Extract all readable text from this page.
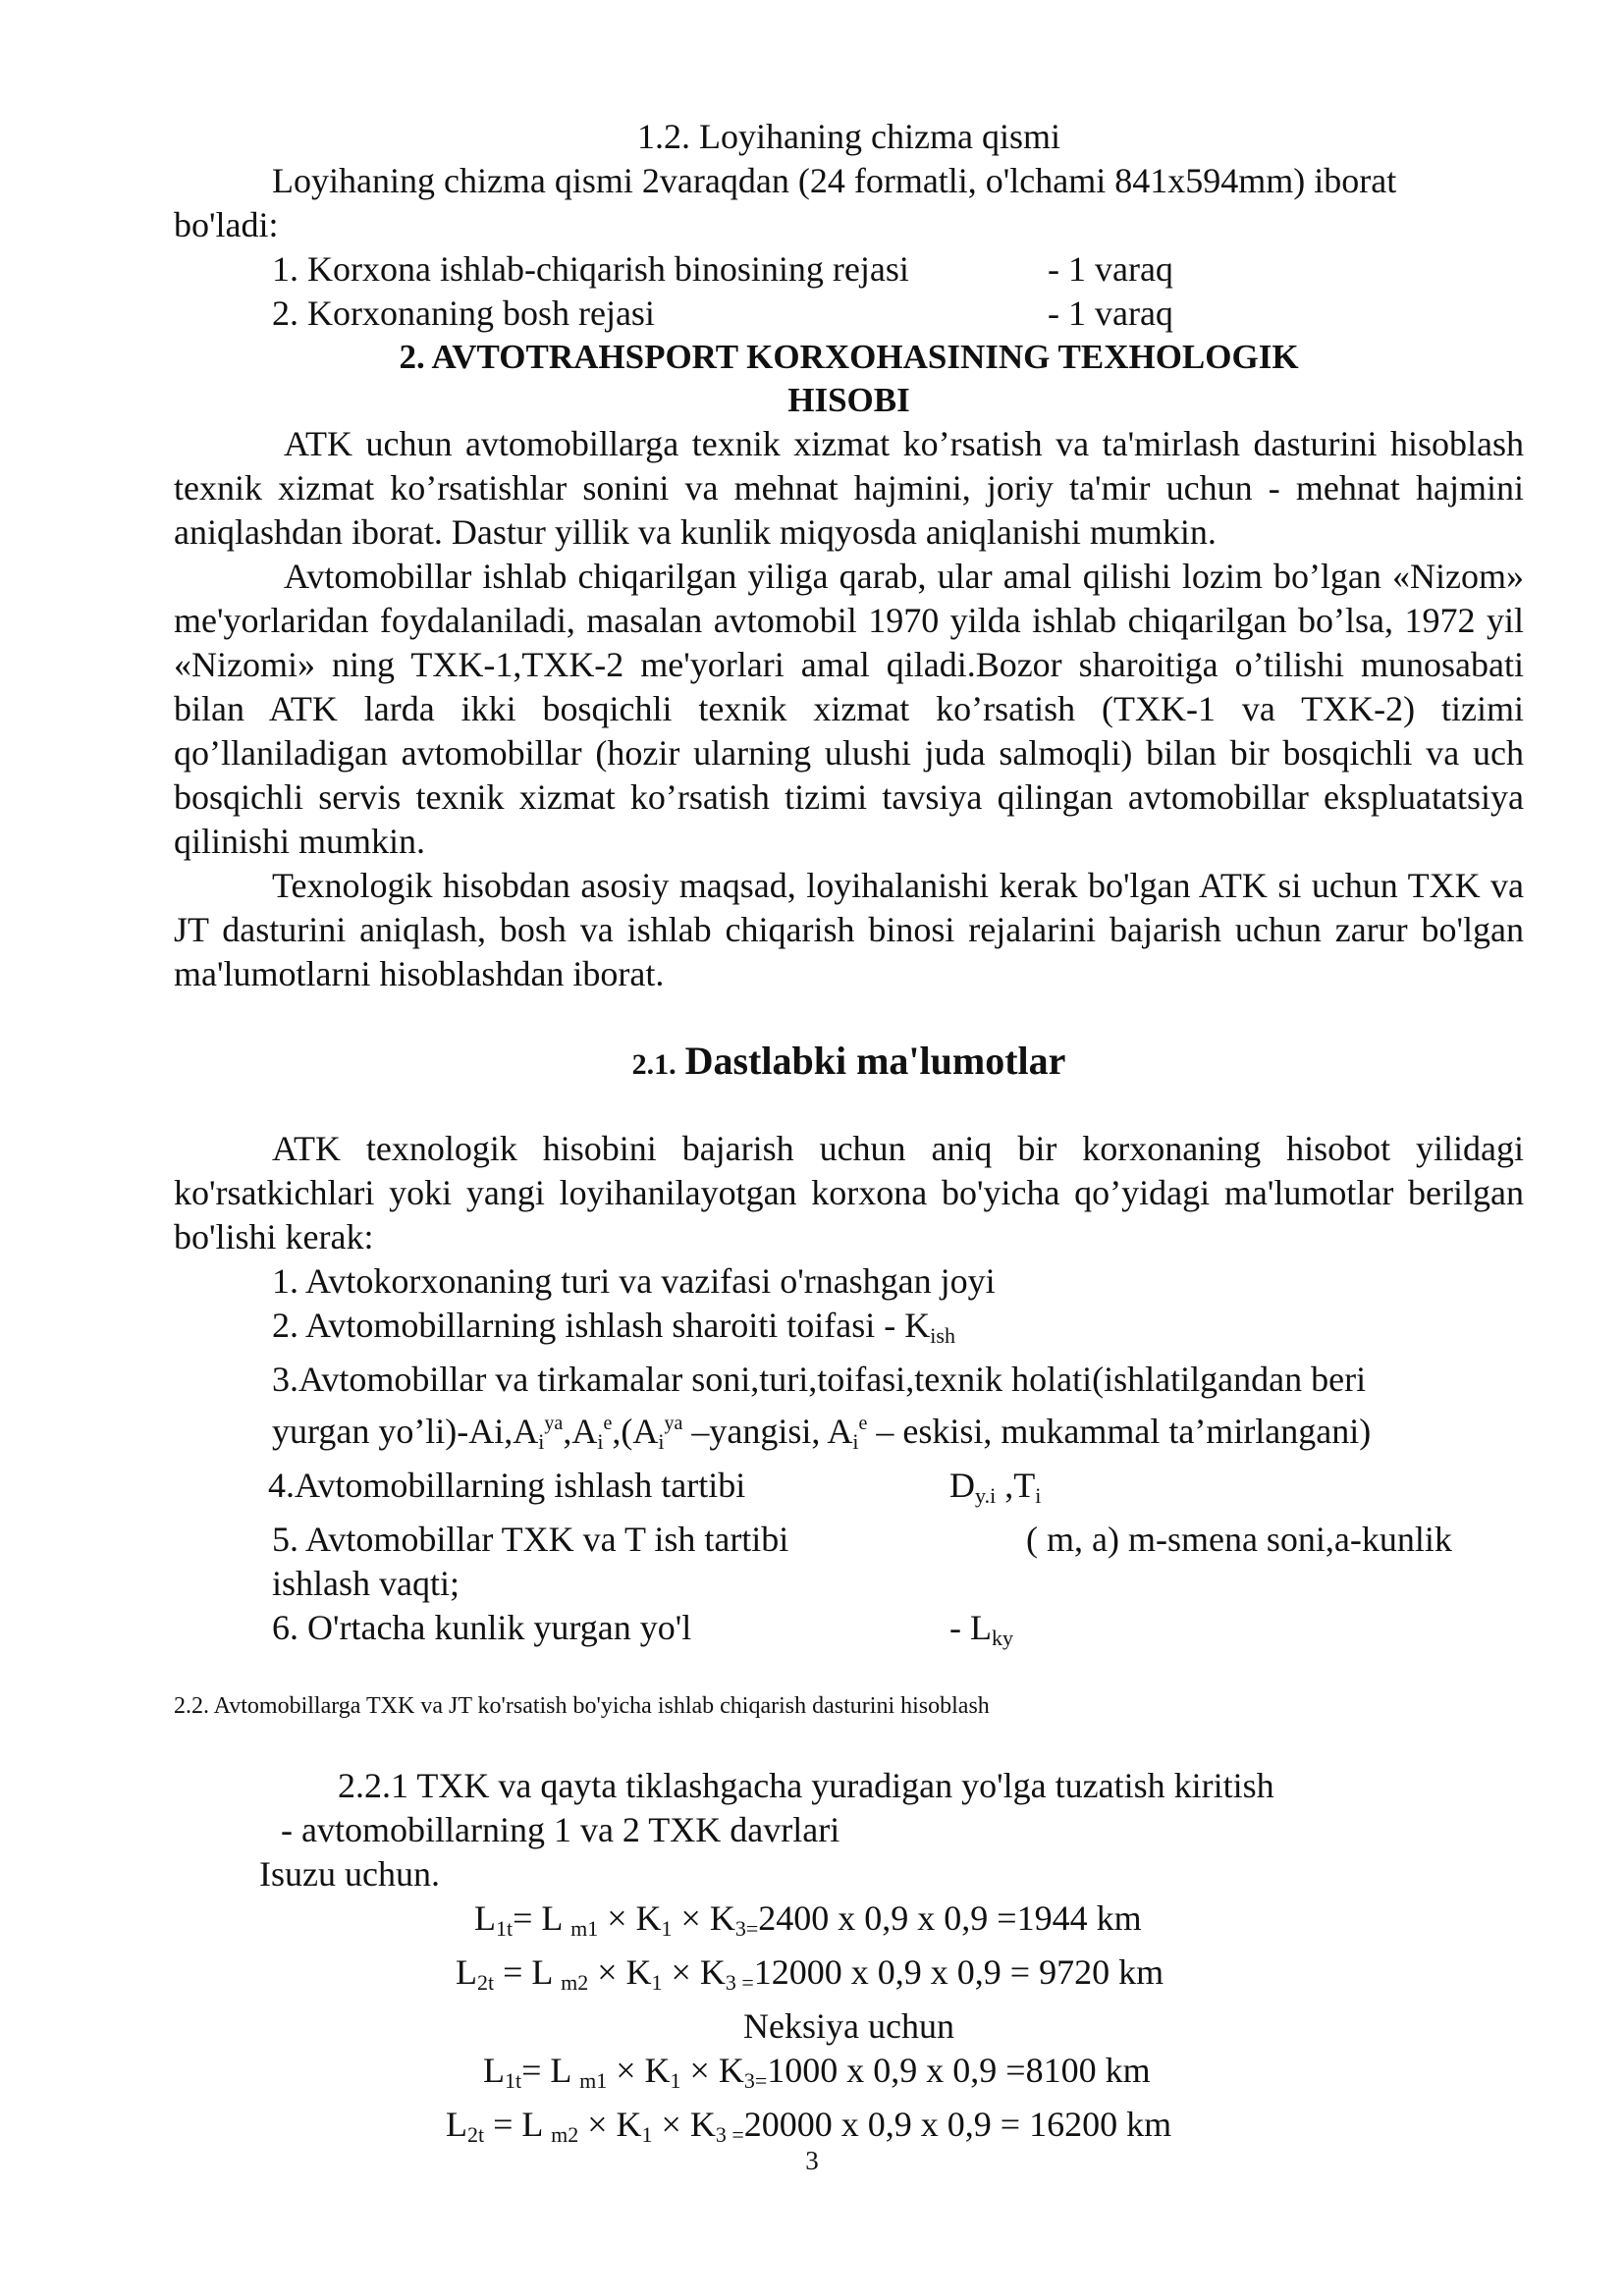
1.2. Loyihaning chizma qismi
Loyihaning chizma qismi 2varaqdan (24 formatli, o'lchami 841x594mm) iborat
bo'ladi:
1. Korxona ishlab-chiqarish binosining rejasi	- 1 varaq
2. Korxonaning bosh rejasi	- 1 varaq
2. AVTOTRAHSPORT KORXOHASINING TEXHOLOGIK
HISOBI
ATK uchun avtomobillarga texnik xizmat ko’rsatish va ta'mirlash dasturini hisoblash texnik xizmat ko’rsatishlar sonini va mehnat hajmini, joriy ta'mir uchun - mehnat hajmini aniqlashdan iborat. Dastur yillik va kunlik miqyosda aniqlanishi mumkin.
Avtomobillar ishlab chiqarilgan yiliga qarab, ular amal qilishi lozim bo’lgan «Nizom» me'yorlaridan foydalaniladi, masalan avtomobil 1970 yilda ishlab chiqarilgan bo’lsa, 1972 yil «Nizomi» ning TXK-1,TXK-2 me'yorlari amal qiladi.Bozor sharoitiga o’tilishi munosabati bilan ATK larda ikki bosqichli texnik xizmat ko’rsatish (TXK-1 va TXK-2) tizimi qo’llaniladigan avtomobillar (hozir ularning ulushi juda salmoqli) bilan bir bosqichli va uch bosqichli servis texnik xizmat ko’rsatish tizimi tavsiya qilingan avtomobillar ekspluatatsiya qilinishi mumkin.
Texnologik hisobdan asosiy maqsad, loyihalanishi kerak bo'lgan ATK si uchun TXK va JT dasturini aniqlash, bosh va ishlab chiqarish binosi rejalarini bajarish uchun zarur bo'lgan ma'lumotlarni hisoblashdan iborat.
2.1. Dastlabki ma'lumotlar
ATK texnologik hisobini bajarish uchun aniq bir korxonaning hisobot yilidagi ko'rsatkichlari yoki yangi loyihanilayotgan korxona bo'yicha qo’yidagi ma'lumotlar berilgan bo'lishi kerak:
1. Avtokorxonaning turi va vazifasi o'rnashgan joyi
2. Avtomobillarning ishlash sharoiti toifasi - $K_{ish}$
3.Avtomobillar va tirkamalar soni,turi,toifasi,texnik holati(ishlatilgandan beri
yurgan $yo’li)-Ai,A_i^{ya},A_i^e,(A_i^{ya}$ –yangisi, $A_i^e$ – eskisi, mukammal ta’mirlangani)
4.Avtomobillarning ishlash tartibi	$D_{y.i}$ $,T_i$
5. Avtomobillar TXK va T ish tartibi	( m, a) m-smena soni,a-kunlik
ishlash vaqti;
6. O'rtacha kunlik yurgan yo'l	- $L_{ky}$
2.2. Avtomobillarga TXK va JT ko'rsatish bo'yicha ishlab chiqarish dasturini hisoblash
2.2.1 TXK va qayta tiklashgacha yuradigan yo'lga tuzatish kiritish
- avtomobillarning 1 va 2 TXK davrlari
Isuzu uchun.
$L_{1t}= L$ $_{m1} \times K_1 \times K_{3=}2400$ x 0,9 x 0,9 =1944 km
$L_{2t} = L$ $_{m2} \times K_1 \times K_{3 =}12000$ x 0,9 x 0,9 = 9720 km
Neksiya uchun
$L_{1t}= L$ $_{m1} \times K_1 \times K_{3=}1000$ x 0,9 x 0,9 =8100 km
$L_{2t} = L$ $_{m2} \times K_1 \times K_{3 =}20000$ x 0,9 x 0,9 = 16200 km
3
